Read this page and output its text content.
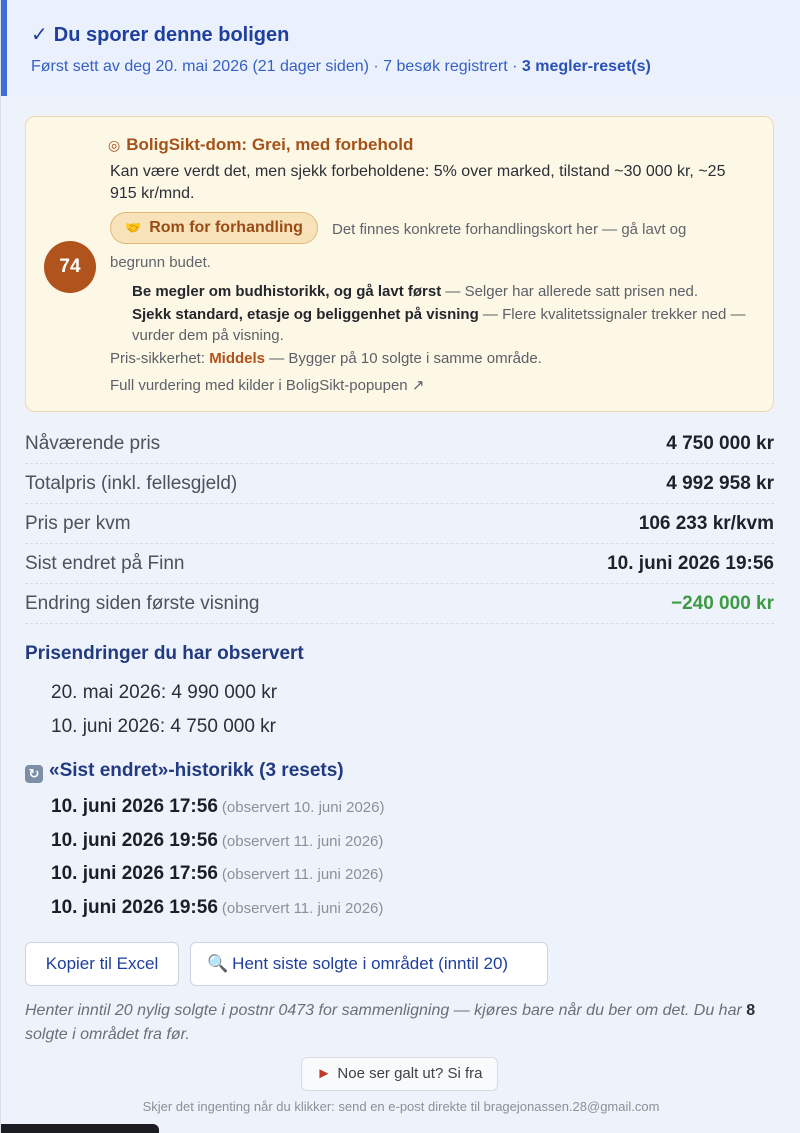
✓ Du sporer denne boligen
Først sett av deg 20. mai 2026 (21 dager siden) · 7 besøk registrert · 3 megler-reset(s)
74
◎ BoligSikt-dom: Grei, med forbehold
Kan være verdt det, men sjekk forbeholdene: 5% over marked, tilstand ~30 000 kr, ~25 915 kr/mnd.
🤝 Rom for forhandling	Det finnes konkrete forhandlingskort her — gå lavt og
begrunn budet.
Be megler om budhistorikk, og gå lavt først — Selger har allerede satt prisen ned.
Sjekk standard, etasje og beliggenhet på visning — Flere kvalitetssignaler trekker ned — vurder dem på visning.
Pris-sikkerhet: Middels — Bygger på 10 solgte i samme område.
Full vurdering med kilder i BoligSikt-popupen ↗
Nåværende pris	4 750 000 kr
Totalpris (inkl. fellesgjeld)	4 992 958 kr
Pris per kvm	106 233 kr/kvm
Sist endret på Finn	10. juni 2026 19:56
Endring siden første visning	−240 000 kr
Prisendringer du har observert
20. mai 2026: 4 990 000 kr
10. juni 2026: 4 750 000 kr
↻ «Sist endret»-historikk (3 resets)
10. juni 2026 17:56 (observert 10. juni 2026)
10. juni 2026 19:56 (observert 11. juni 2026)
10. juni 2026 17:56 (observert 11. juni 2026)
10. juni 2026 19:56 (observert 11. juni 2026)
Kopier til Excel	🔍 Hent siste solgte i området (inntil 20)
Henter inntil 20 nylig solgte i postnr 0473 for sammenligning — kjøres bare når du ber om det. Du har 8 solgte i området fra før.
► Noe ser galt ut? Si fra
Skjer det ingenting når du klikker: send en e-post direkte til bragejonassen.28@gmail.com
